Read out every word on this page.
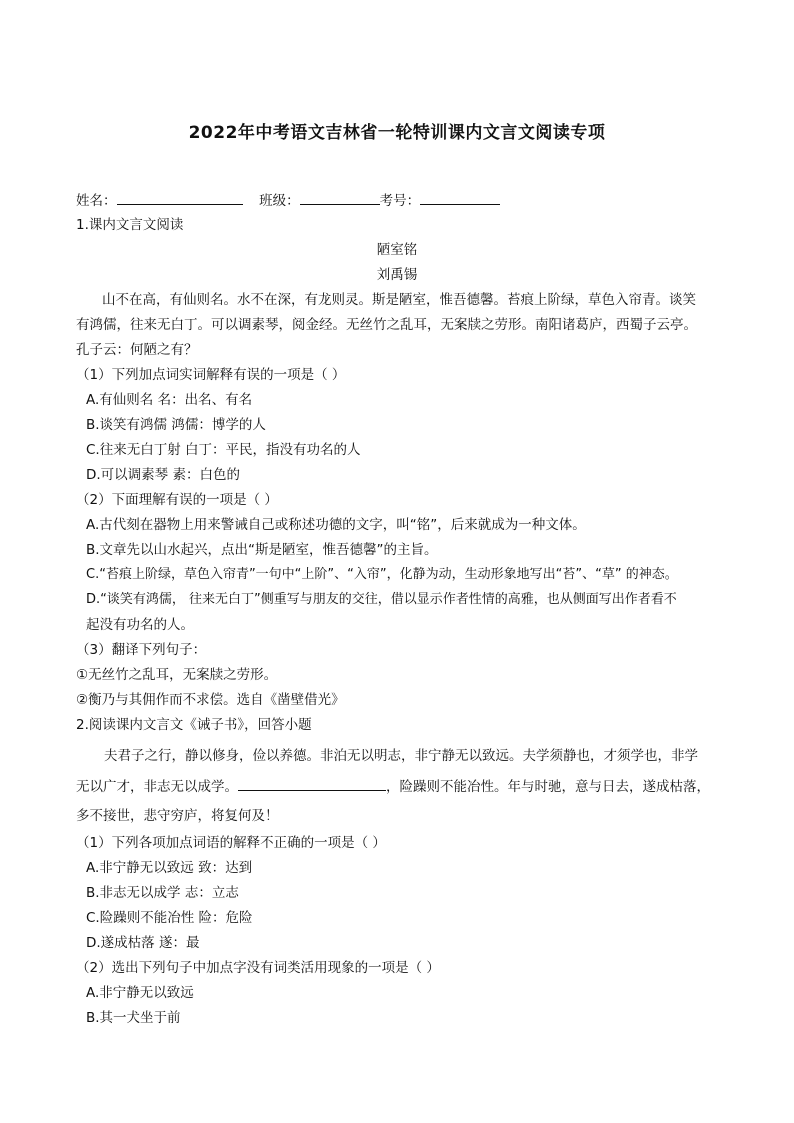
2022年中考语文吉林省一轮特训课内文言文阅读专项
姓名：	班级：	考号：
1.课内文言文阅读
陋室铭
刘禹锡
山不在高，有仙则名。水不在深，有龙则灵。斯是陋室，惟吾德馨。苔痕上阶绿，草色入帘青。谈笑
有鸿儒，往来无白丁。可以调素琴，阅金经。无丝竹之乱耳，无案牍之劳形。南阳诸葛庐，西蜀子云亭。
孔子云：何陋之有？
（1）下列加点词实词解释有误的一项是（ ）
A.有仙则名 名：出名、有名
B.谈笑有鸿儒 鸿儒：博学的人
C.往来无白丁射 白丁：平民，指没有功名的人
D.可以调素琴 素：白色的
（2）下面理解有误的一项是（ ）
A.古代刻在器物上用来警诫自己或称述功德的文字，叫“铭”，后来就成为一种文体。
B.文章先以山水起兴，点出“斯是陋室，惟吾德馨”的主旨。
C.“苔痕上阶绿，草色入帘青”一句中“上阶”、“入帘”，化静为动，生动形象地写出“苔”、“草” 的神态。
D.“谈笑有鸿儒， 往来无白丁”侧重写与朋友的交往，借以显示作者性情的高雅，也从侧面写出作者看不
起没有功名的人。
（3）翻译下列句子：
①无丝竹之乱耳，无案牍之劳形。
②衡乃与其佣作而不求偿。选自《凿壁借光》
2.阅读课内文言文《诫子书》，回答小题
夫君子之行，静以修身，俭以养德。非泊无以明志，非宁静无以致远。夫学须静也，才须学也，非学
无以广才，非志无以成学。	，险躁则不能冶性。年与时驰，意与日去，遂成枯落，
多不接世，悲守穷庐，将复何及！
（1）下列各项加点词语的解释不正确的一项是（ ）
A.非宁静无以致远 致：达到
B.非志无以成学 志：立志
C.险躁则不能冶性 险：危险
D.遂成枯落 遂：最
（2）选出下列句子中加点字没有词类活用现象的一项是（ ）
A.非宁静无以致远
B.其一犬坐于前
